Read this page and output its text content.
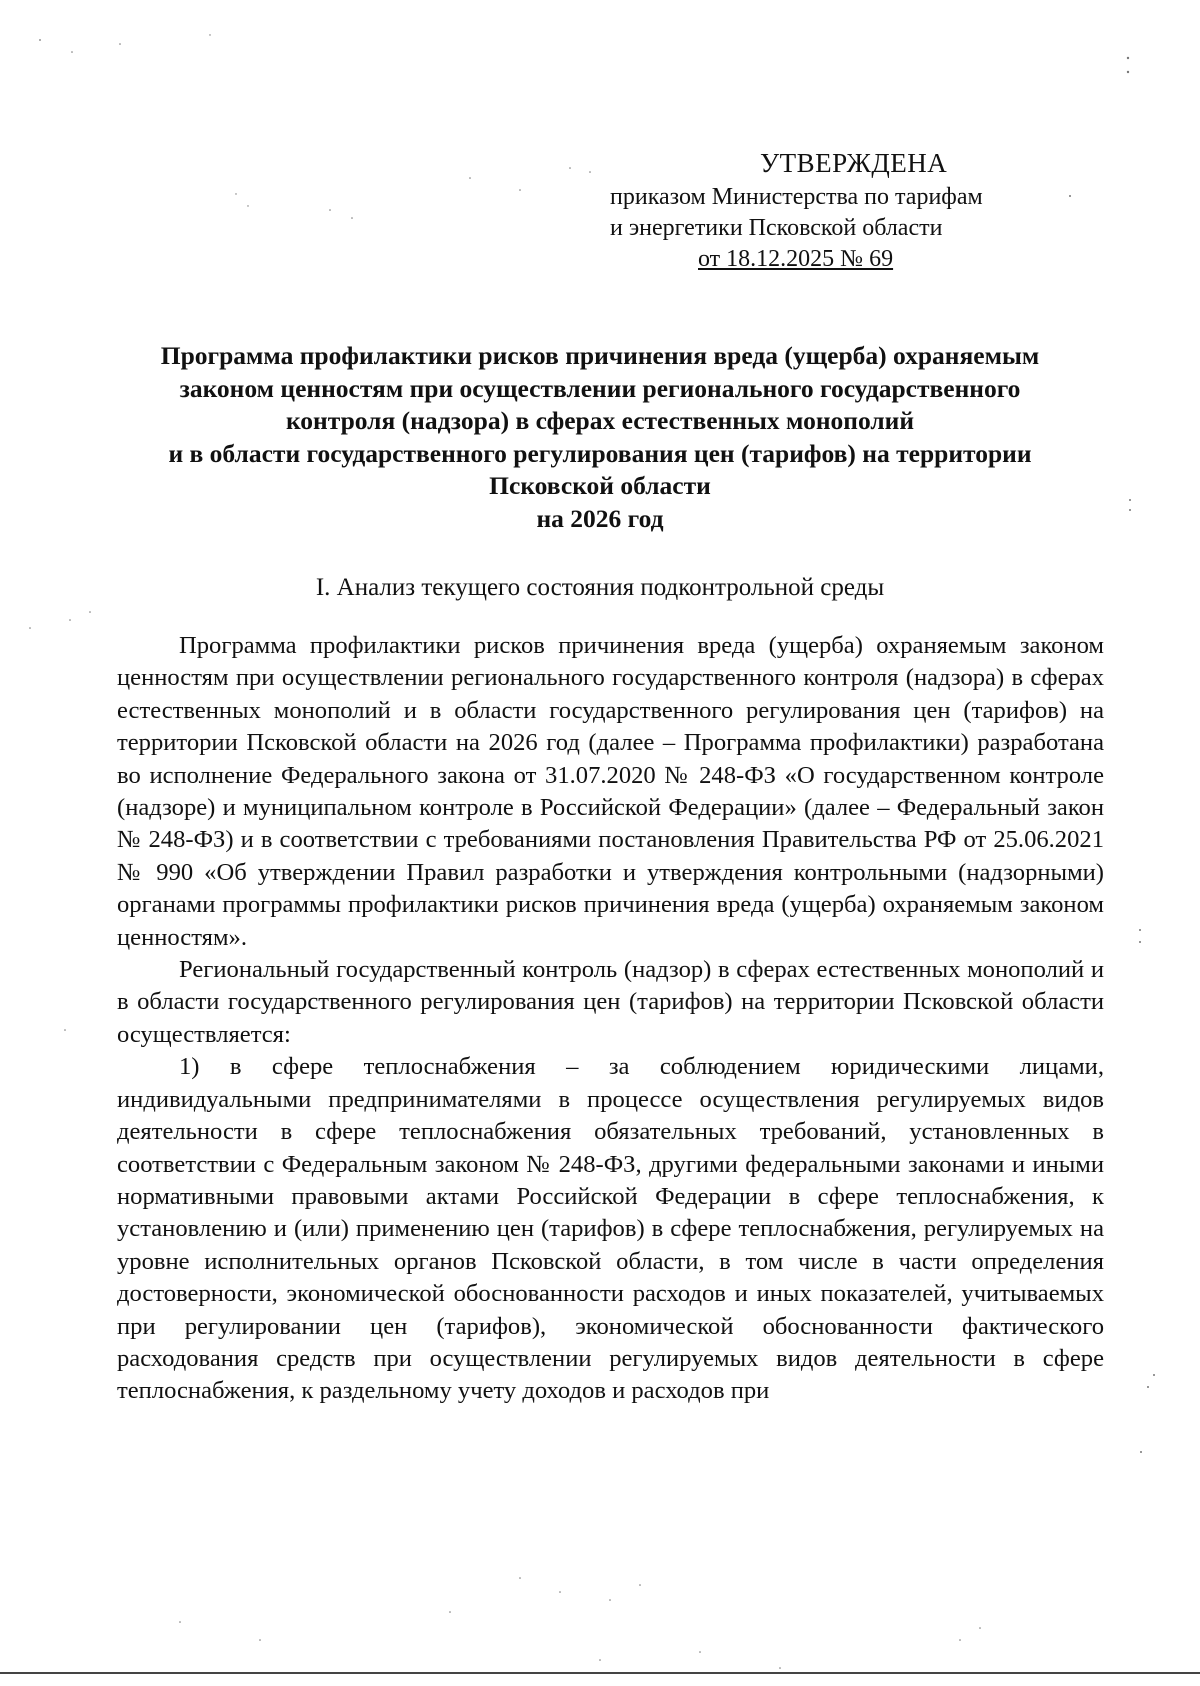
УТВЕРЖДЕНА
приказом Министерства по тарифам
и энергетики Псковской области
от 18.12.2025 № 69
Программа профилактики рисков причинения вреда (ущерба) охраняемым
законом ценностям при осуществлении регионального государственного
контроля (надзора) в сферах естественных монополий
и в области государственного регулирования цен (тарифов) на территории
Псковской области
на 2026 год
I. Анализ текущего состояния подконтрольной среды

Программа профилактики рисков причинения вреда (ущерба) охраняемым законом ценностям при осуществлении регионального государственного контроля (надзора) в сферах естественных монополий и в области государственного регулирования цен (тарифов) на территории Псковской области на 2026 год (далее – Программа профилактики) разработана во исполнение Федерального закона от 31.07.2020 № 248-ФЗ «О государственном контроле (надзоре) и муниципальном контроле в Российской Федерации» (далее – Федеральный закон № 248-ФЗ) и в соответствии с требованиями постановления Правительства РФ от 25.06.2021 № 990 «Об утверждении Правил разработки и утверждения контрольными (надзорными) органами программы профилактики рисков причинения вреда (ущерба) охраняемым законом ценностям».

Региональный государственный контроль (надзор) в сферах естественных монополий и в области государственного регулирования цен (тарифов) на территории Псковской области осуществляется:

1) в сфере теплоснабжения – за соблюдением юридическими лицами, индивидуальными предпринимателями в процессе осуществления регулируемых видов деятельности в сфере теплоснабжения обязательных требований, установленных в соответствии с Федеральным законом № 248-ФЗ, другими федеральными законами и иными нормативными правовыми актами Российской Федерации в сфере теплоснабжения, к установлению и (или) применению цен (тарифов) в сфере теплоснабжения, регулируемых на уровне исполнительных органов Псковской области, в том числе в части определения достоверности, экономической обоснованности расходов и иных показателей, учитываемых при регулировании цен (тарифов), экономической обоснованности фактического расходования средств при осуществлении регулируемых видов деятельности в сфере теплоснабжения, к раздельному учету доходов и расходов при
